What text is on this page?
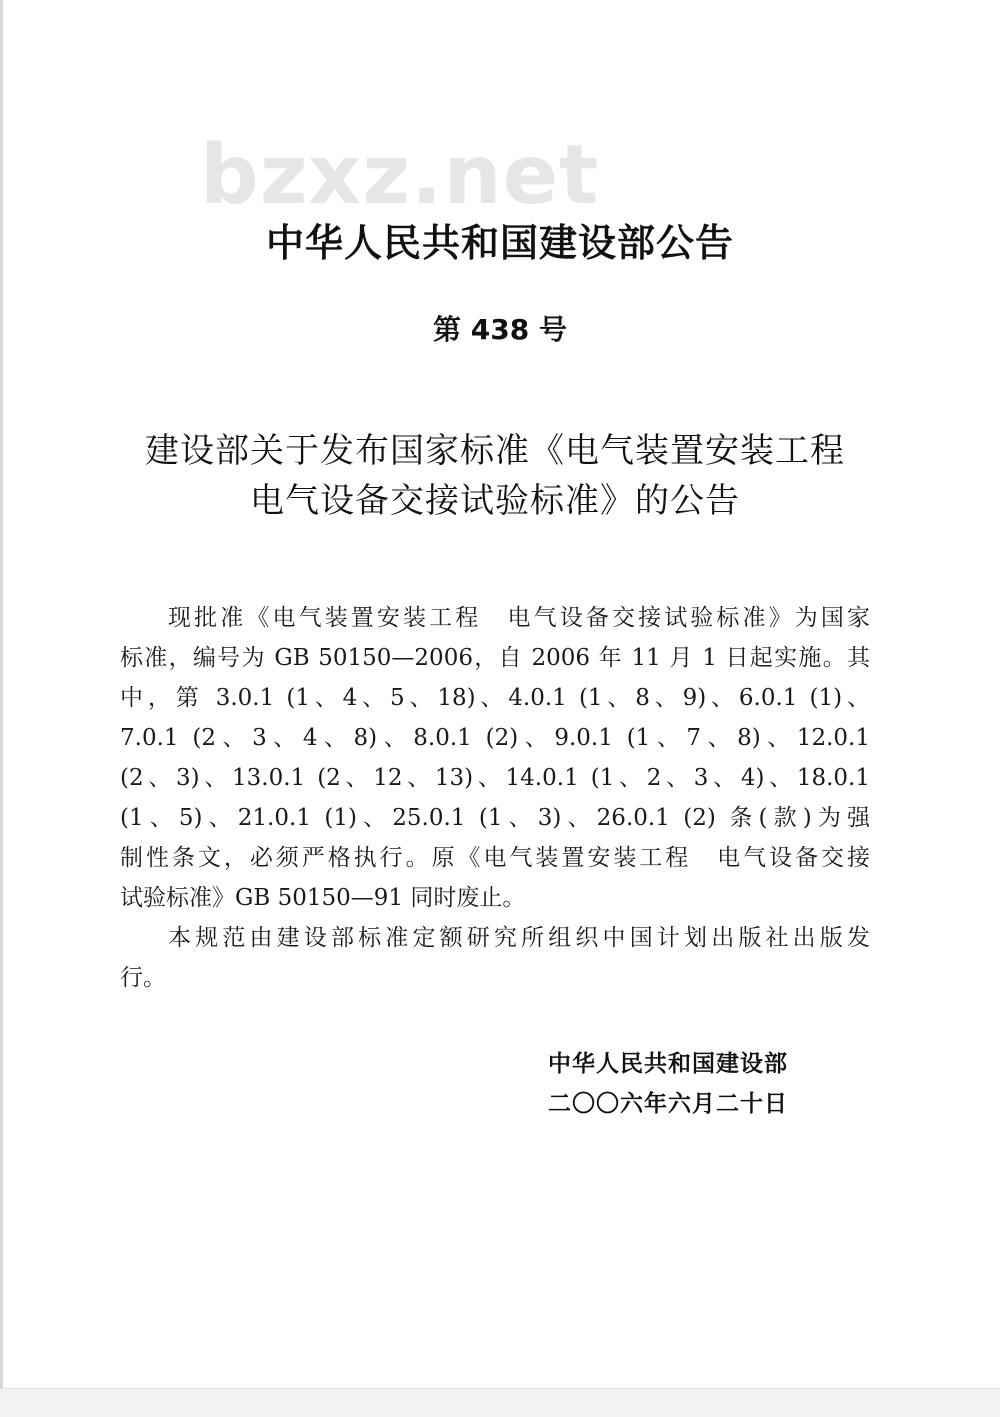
bzxz.net
中华人民共和国建设部公告
第 438 号
建设部关于发布国家标准《电气装置安装工程
电气设备交接试验标准》的公告

现批准《电气装置安装工程　电气设备交接试验标准》为国家
标准，编号为 GB 50150—2006，自 2006 年 11 月 1 日起实施。其
中，第 3.0.1 (1、4、5、18)、4.0.1 (1、8、9)、6.0.1 (1)、
7.0.1 (2、3、4、8)、8.0.1 (2)、9.0.1 (1、7、8)、12.0.1
(2、3)、13.0.1 (2、12、13)、14.0.1 (1、2、3、4)、18.0.1
(1、5)、21.0.1 (1)、25.0.1 (1、3)、26.0.1 (2) 条(款)为强
制性条文，必须严格执行。原《电气装置安装工程　电气设备交接
试验标准》GB 50150—91 同时废止。

本规范由建设部标准定额研究所组织中国计划出版社出版发
行。

中华人民共和国建设部
二〇〇六年六月二十日
